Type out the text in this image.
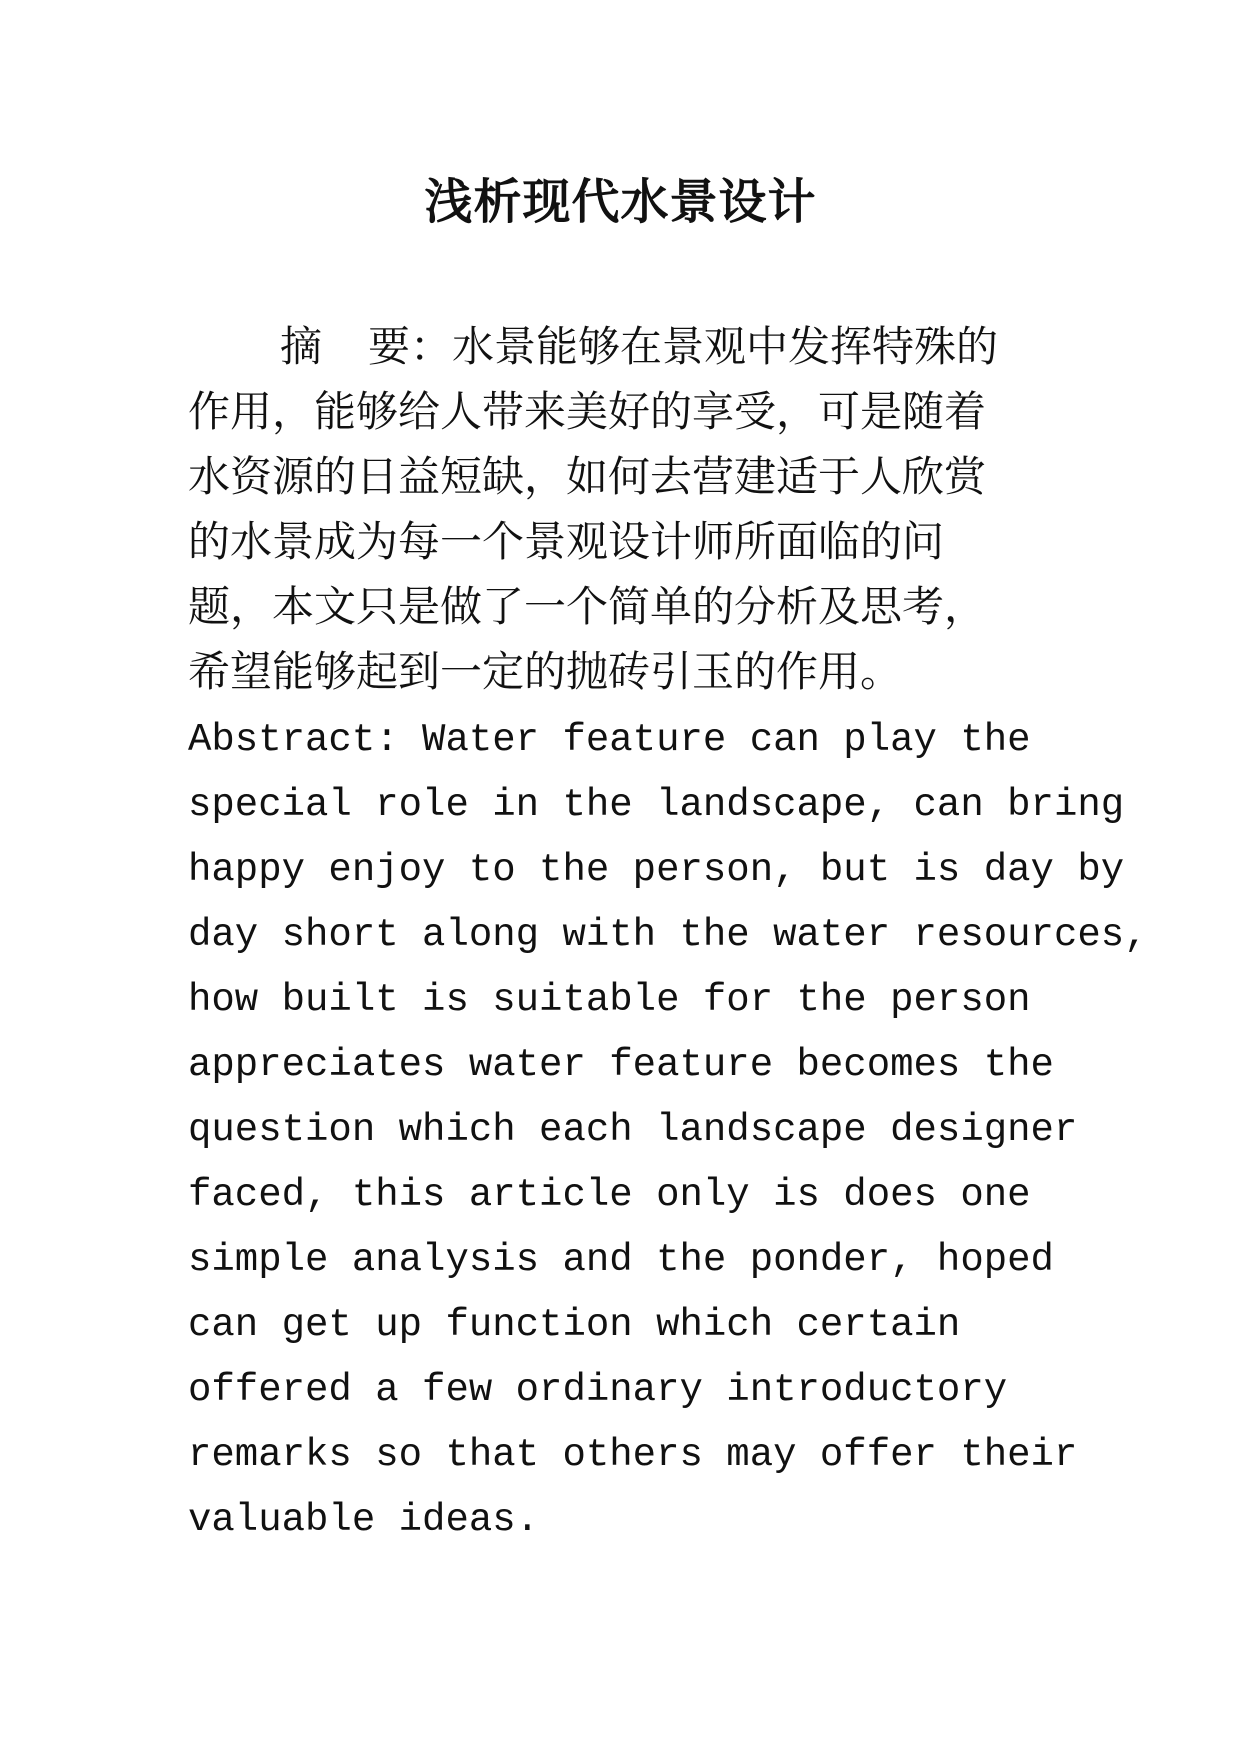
浅析现代水景设计
摘 要：水景能够在景观中发挥特殊的
作用，能够给人带来美好的享受，可是随着
水资源的日益短缺，如何去营建适于人欣赏
的水景成为每一个景观设计师所面临的问
题，本文只是做了一个简单的分析及思考，
希望能够起到一定的抛砖引玉的作用。
Abstract: Water feature can play the
special role in the landscape, can bring
happy enjoy to the person, but is day by
day short along with the water resources,
how built is suitable for the person
appreciates water feature becomes the
question which each landscape designer
faced, this article only is does one
simple analysis and the ponder, hoped
can get up function which certain
offered a few ordinary introductory
remarks so that others may offer their
valuable ideas.
